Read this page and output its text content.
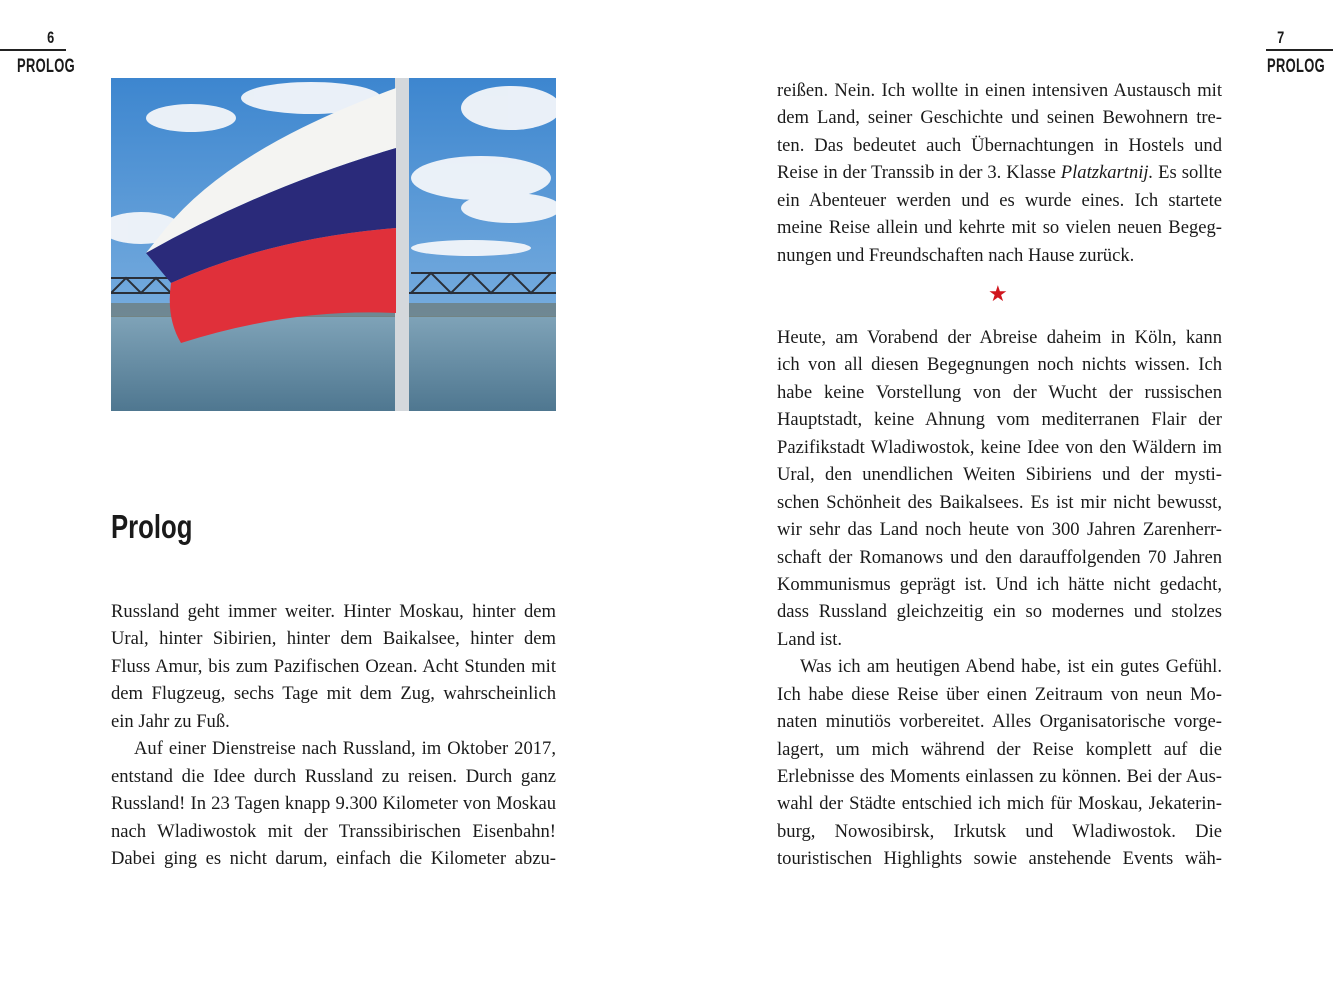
6
PROLOG
7
PROLOG
Prolog
Russland geht immer weiter. Hinter Moskau, hinter dem
Ural, hinter Sibirien, hinter dem Baikalsee, hinter dem
Fluss Amur, bis zum Pazifischen Ozean. Acht Stunden mit
dem Flugzeug, sechs Tage mit dem Zug, wahrscheinlich
ein Jahr zu Fuß.
Auf einer Dienstreise nach Russland, im Oktober 2017,
entstand die Idee durch Russland zu reisen. Durch ganz
Russland! In 23 Tagen knapp 9.300 Kilometer von Moskau
nach Wladiwostok mit der Transsibirischen Eisenbahn!
Dabei ging es nicht darum, einfach die Kilometer abzu-
reißen. Nein. Ich wollte in einen intensiven Austausch mit
dem Land, seiner Geschichte und seinen Bewohnern tre-
ten. Das bedeutet auch Übernachtungen in Hostels und
Reise in der Transsib in der 3. Klasse Platzkartnij. Es sollte
ein Abenteuer werden und es wurde eines. Ich startete
meine Reise allein und kehrte mit so vielen neuen Begeg-
nungen und Freundschaften nach Hause zurück.
★
Heute, am Vorabend der Abreise daheim in Köln, kann
ich von all diesen Begegnungen noch nichts wissen. Ich
habe keine Vorstellung von der Wucht der russischen
Hauptstadt, keine Ahnung vom mediterranen Flair der
Pazifikstadt Wladiwostok, keine Idee von den Wäldern im
Ural, den unendlichen Weiten Sibiriens und der mysti-
schen Schönheit des Baikalsees. Es ist mir nicht bewusst,
wir sehr das Land noch heute von 300 Jahren Zarenherr-
schaft der Romanows und den darauffolgenden 70 Jahren
Kommunismus geprägt ist. Und ich hätte nicht gedacht,
dass Russland gleichzeitig ein so modernes und stolzes
Land ist.
Was ich am heutigen Abend habe, ist ein gutes Gefühl.
Ich habe diese Reise über einen Zeitraum von neun Mo-
naten minutiös vorbereitet. Alles Organisatorische vorge-
lagert, um mich während der Reise komplett auf die
Erlebnisse des Moments einlassen zu können. Bei der Aus-
wahl der Städte entschied ich mich für Moskau, Jekaterin-
burg, Nowosibirsk, Irkutsk und Wladiwostok. Die
touristischen Highlights sowie anstehende Events wäh-
